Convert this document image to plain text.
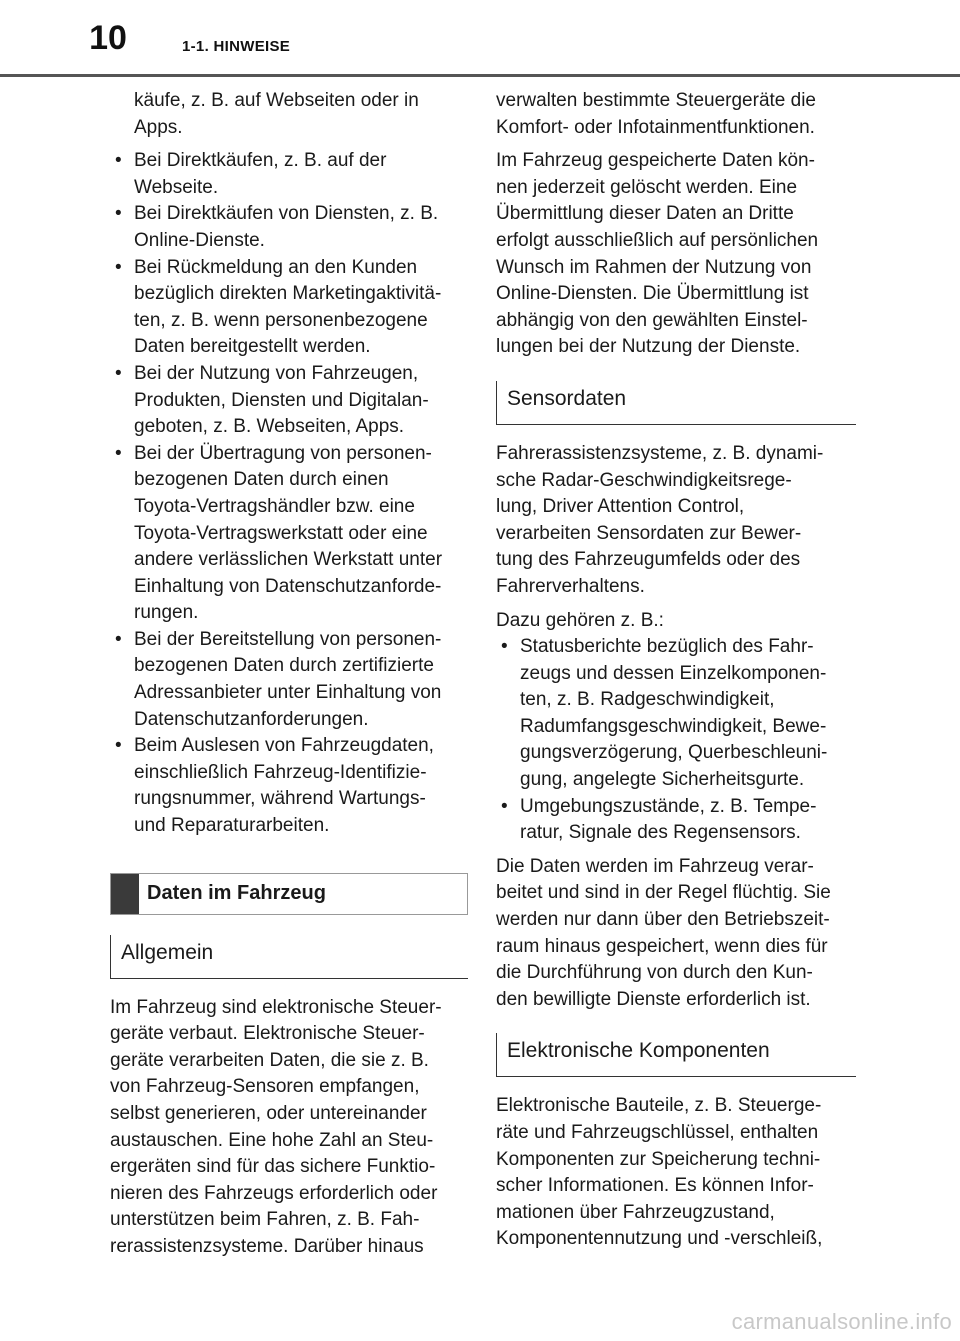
10	1-1. HINWEISE

käufe, z. B. auf Webseiten oder in
Apps.

• Bei Direktkäufen, z. B. auf der
Webseite.
• Bei Direktkäufen von Diensten, z. B.
Online-Dienste.
• Bei Rückmeldung an den Kunden
bezüglich direkten Marketingaktivitä-
ten, z. B. wenn personenbezogene
Daten bereitgestellt werden.
• Bei der Nutzung von Fahrzeugen,
Produkten, Diensten und Digitalan-
geboten, z. B. Webseiten, Apps.
• Bei der Übertragung von personen-
bezogenen Daten durch einen
Toyota-Vertragshändler bzw. eine
Toyota-Vertragswerkstatt oder eine
andere verlässlichen Werkstatt unter
Einhaltung von Datenschutzanforde-
rungen.
• Bei der Bereitstellung von personen-
bezogenen Daten durch zertifizierte
Adressanbieter unter Einhaltung von
Datenschutzanforderungen.
• Beim Auslesen von Fahrzeugdaten,
einschließlich Fahrzeug-Identifizie-
rungsnummer, während Wartungs-
und Reparaturarbeiten.
Daten im Fahrzeug
Allgemein

Im Fahrzeug sind elektronische Steuer-
geräte verbaut. Elektronische Steuer-
geräte verarbeiten Daten, die sie z. B.
von Fahrzeug-Sensoren empfangen,
selbst generieren, oder untereinander
austauschen. Eine hohe Zahl an Steu-
ergeräten sind für das sichere Funktio-
nieren des Fahrzeugs erforderlich oder
unterstützen beim Fahren, z. B. Fah-
rerassistenzsysteme. Darüber hinaus

verwalten bestimmte Steuergeräte die
Komfort- oder Infotainmentfunktionen.

Im Fahrzeug gespeicherte Daten kön-
nen jederzeit gelöscht werden. Eine
Übermittlung dieser Daten an Dritte
erfolgt ausschließlich auf persönlichen
Wunsch im Rahmen der Nutzung von
Online-Diensten. Die Übermittlung ist
abhängig von den gewählten Einstel-
lungen bei der Nutzung der Dienste.

Sensordaten

Fahrerassistenzsysteme, z. B. dynami-
sche Radar-Geschwindigkeitsrege-
lung, Driver Attention Control,
verarbeiten Sensordaten zur Bewer-
tung des Fahrzeugumfelds oder des
Fahrerverhaltens.

Dazu gehören z. B.:

• Statusberichte bezüglich des Fahr-
zeugs und dessen Einzelkomponen-
ten, z. B. Radgeschwindigkeit,
Radumfangsgeschwindigkeit, Bewe-
gungsverzögerung, Querbeschleuni-
gung, angelegte Sicherheitsgurte.
• Umgebungszustände, z. B. Tempe-
ratur, Signale des Regensensors.

Die Daten werden im Fahrzeug verar-
beitet und sind in der Regel flüchtig. Sie
werden nur dann über den Betriebszeit-
raum hinaus gespeichert, wenn dies für
die Durchführung von durch den Kun-
den bewilligte Dienste erforderlich ist.

Elektronische Komponenten

Elektronische Bauteile, z. B. Steuerge-
räte und Fahrzeugschlüssel, enthalten
Komponenten zur Speicherung techni-
scher Informationen. Es können Infor-
mationen über Fahrzeugzustand,
Komponentennutzung und -verschleiß,

carmanualsonline.info
